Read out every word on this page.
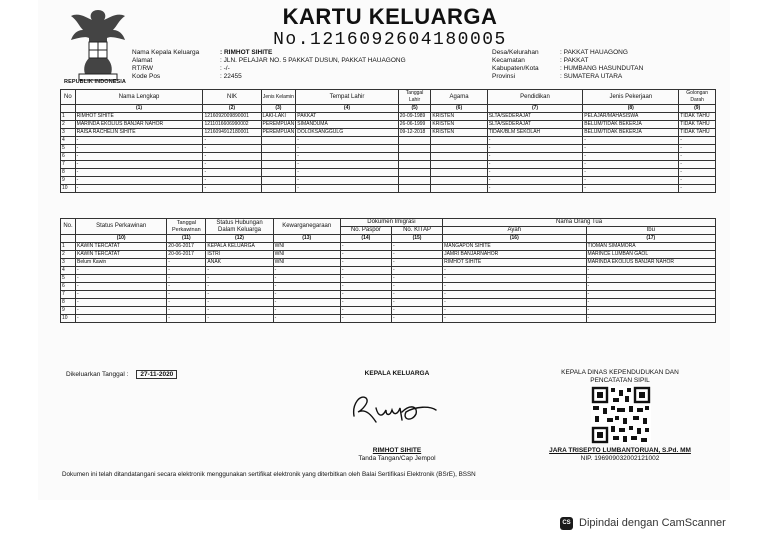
REPUBLIK INDONESIA
KARTU KELUARGA
No.1216092604180005
Nama Kepala Keluarga	: RIMHOT SIHITE
Alamat	: JLN. PELAJAR NO. 5 PAKKAT DUSUN, PAKKAT HAUAGONG
RT/RW	: -/-
Kode Pos	: 22455
Desa/Kelurahan	: PAKKAT HAUAGONG
Kecamatan	: PAKKAT
Kabupaten/Kota	: HUMBANG HASUNDUTAN
Provinsi	: SUMATERA UTARA
No	Nama Lengkap	NIK	Jenis Kelamin	Tempat Lahir	Tanggal Lahir	Agama	Pendidikan	Jenis Pekerjaan	Golongan Darah
	(1)	(2)	(3)	(4)	(5)	(6)	(7)	(8)	(9)
1	RIMHOT SIHITE	1216092009890001	LAKI-LAKI	PAKKAT	20-09-1989	KRISTEN	SLTA/SEDERAJAT	PELAJAR/MAHASISWA	TIDAK TAHU
2	MARINDA EKOLIUS BANJAR NAHOR	1211016606990002	PEREMPUAN	SIMANDUMA	26-06-1999	KRISTEN	SLTA/SEDERAJAT	BELUM/TIDAK BEKERJA	TIDAK TAHU
3	RAISA RACHELIN SIHITE	1216094912180001	PEREMPUAN	DOLOKSANGGULG	09-12-2018	KRISTEN	TIDAK/BLM SEKOLAH	BELUM/TIDAK BEKERJA	TIDAK TAHU
4	-	-		-			-	-	-
5	-	-		-			-	-	-
6	-	-		-			-	-	-
7	-	-		-			-	-	-
8	-	-		-			-	-	-
9	-	-		-			-	-	-
10	-	-		-			-	-	-
No.	Status Perkawinan	Tanggal Perkawinan	Status Hubungan Dalam Keluarga	Kewarganegaraan	Dokumen Imigrasi		Nama Orang Tua	
					No. Paspor	No. KITAP	Ayah	Ibu
	(10)	(11)	(12)	(13)	(14)	(15)	(16)	(17)
1	KAWIN TERCATAT	20-06-2017	KEPALA KELUARGA	WNI	-	-	MANGAPON SIHITE	TIOMAN SIMAMORA
2	KAWIN TERCATAT	20-06-2017	ISTRI	WNI	-	-	JAMRI BANJARNAHOR	MARINCE LUMBAN GAOL
3	Belum Kawin	-	ANAK	WNI	-	-	RIMHOT SIHITE	MARINDA EKOLIUS BANJAR NAHOR
4	-	-	-	-	-	-	-	-
5	-	-	-	-	-	-	-	-
6	-	-	-	-	-	-	-	-
7	-	-	-	-	-	-	-	-
8	-	-	-	-	-	-	-	-
9	-	-	-	-	-	-	-	-
10	-	-	-	-	-	-	-	-
Dikeluarkan Tanggal : 27-11-2020	KEPALA KELUARGA
RIMHOT SIHITE
Tanda Tangan/Cap Jempol
KEPALA DINAS KEPENDUDUKAN DAN
PENCATATAN SIPIL
JARA TRISEPTO LUMBANTORUAN, S.Pd. MM
NIP. 196909032002121002
Dokumen ini telah ditandatangani secara elektronik menggunakan sertifikat elektronik yang diterbitkan oleh Balai Sertifikasi Elektronik (BSrE), BSSN
CS Dipindai dengan CamScanner
